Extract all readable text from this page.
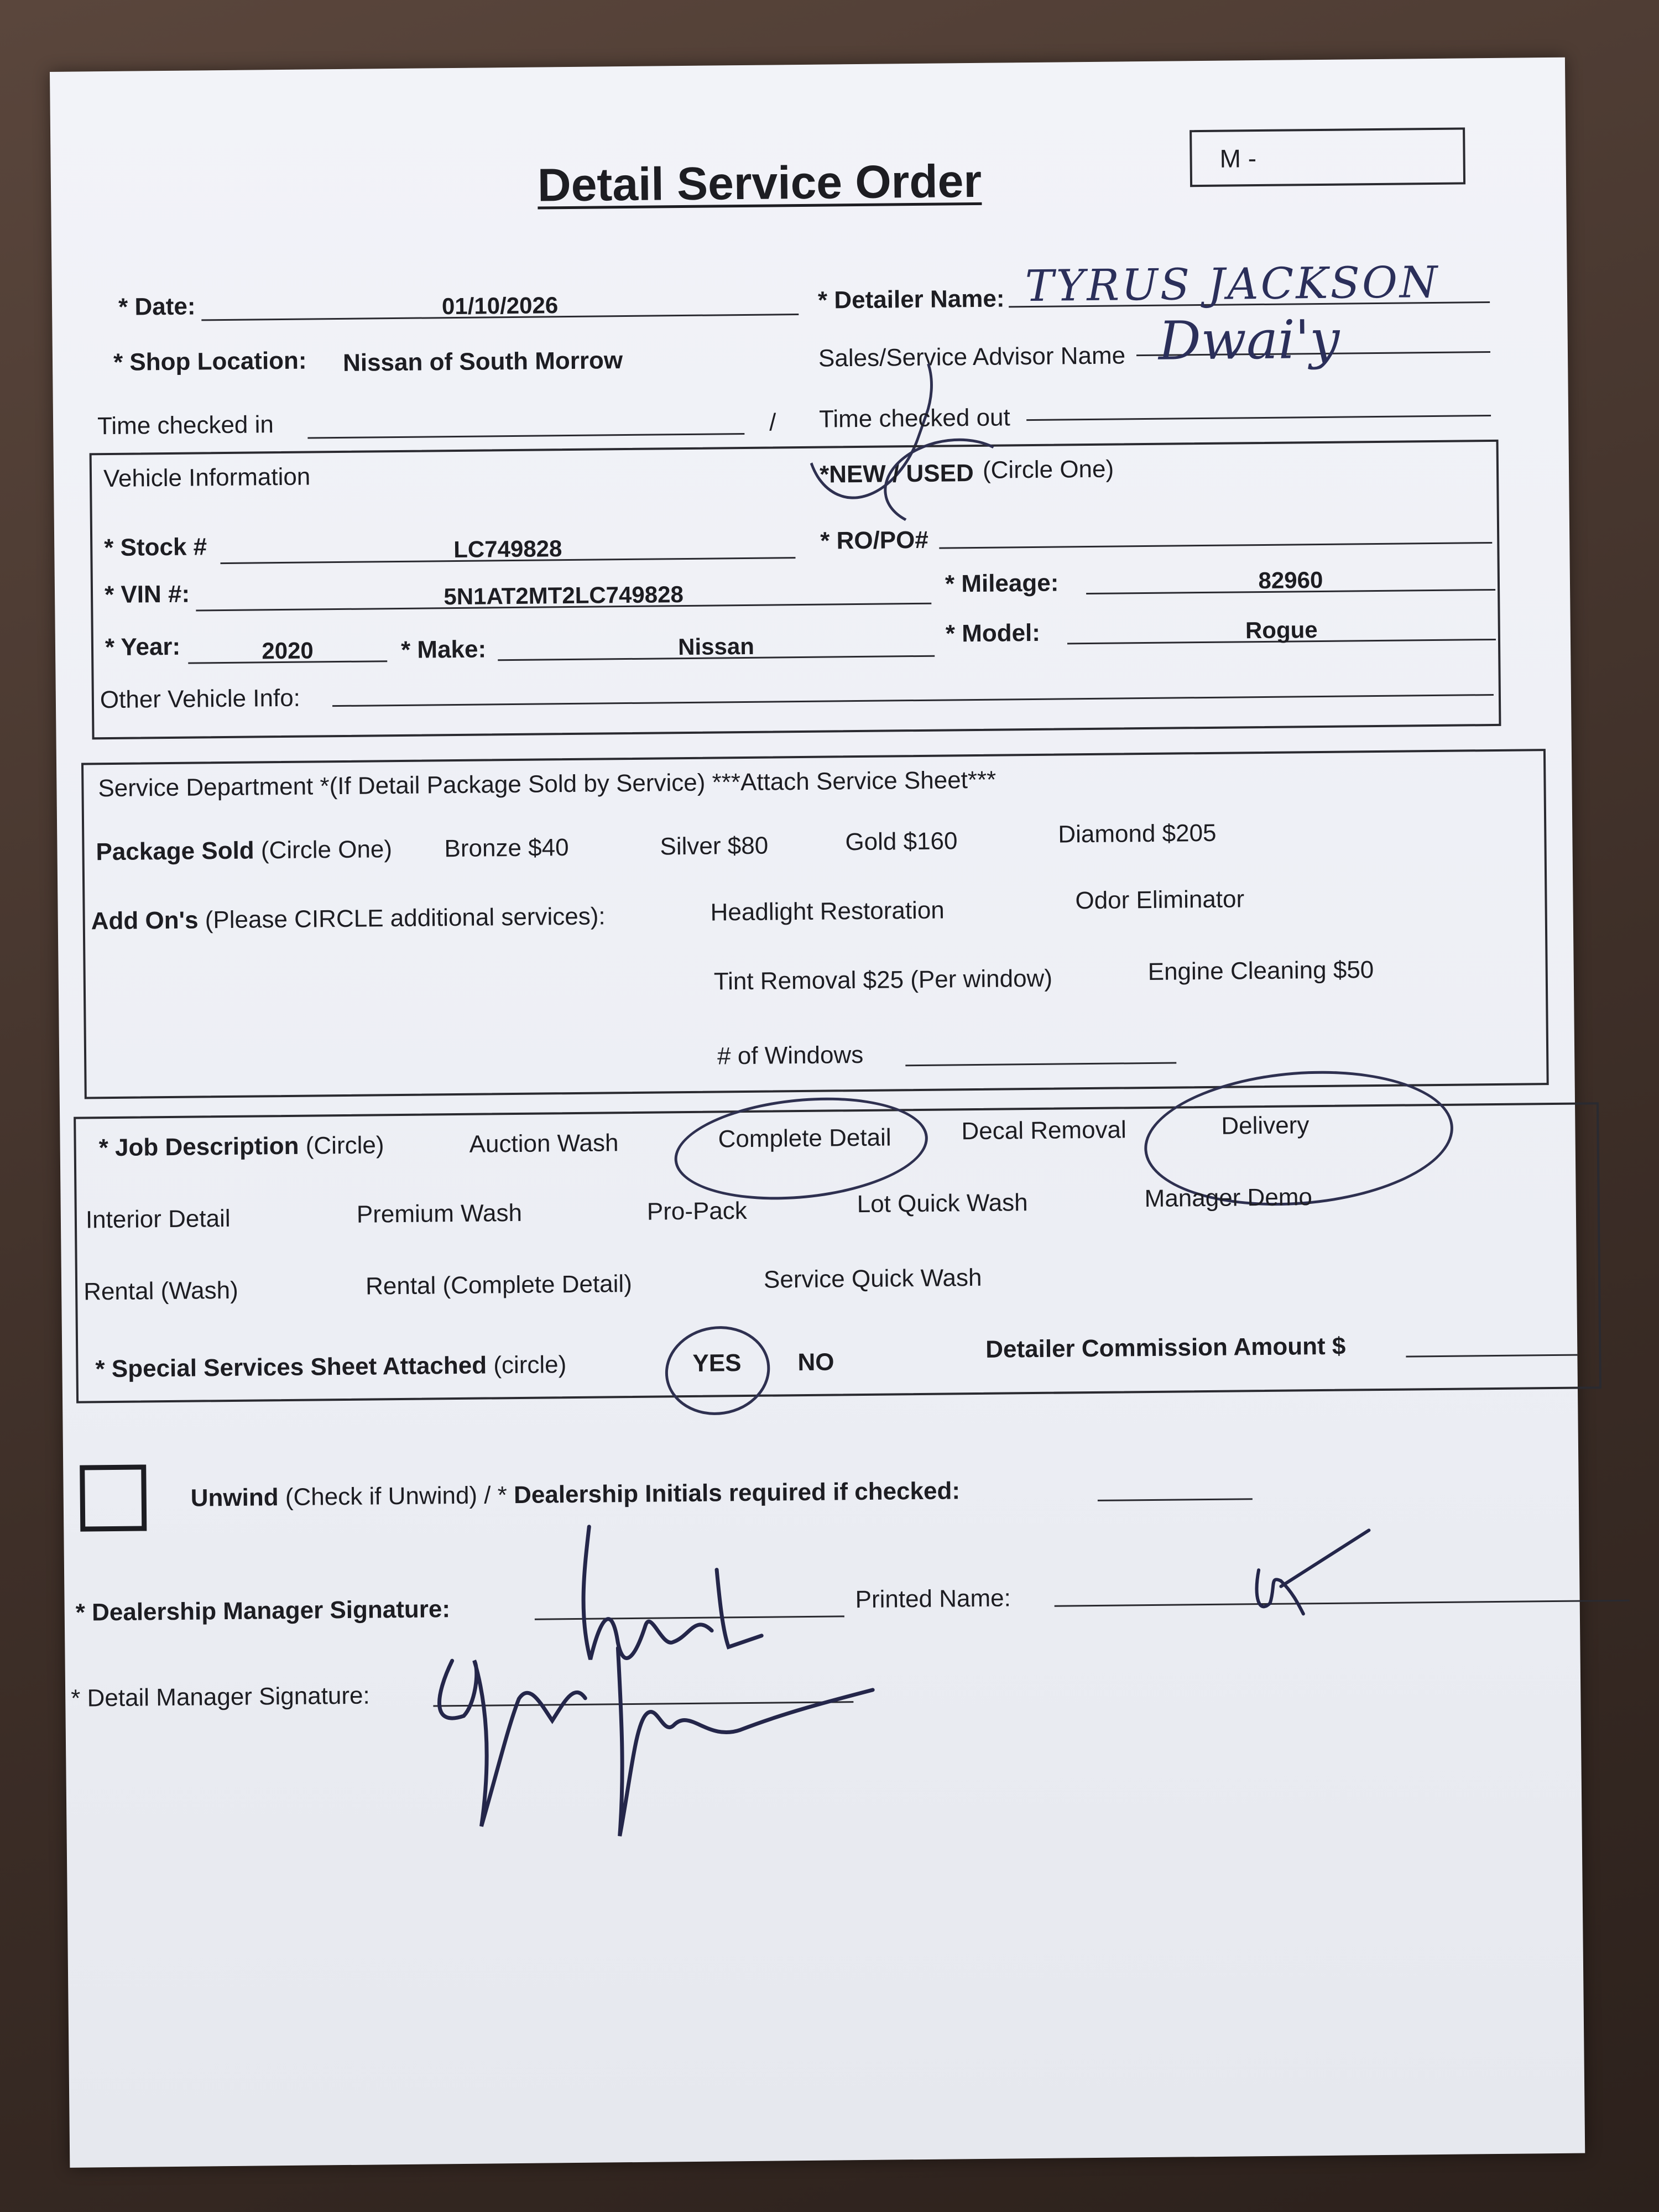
Detail Service Order	M -
* Date:	01/10/2026	* Detailer Name: TYRUS JACKSON
* Shop Location: Nissan of South Morrow	Sales/Service Advisor Name Dwai'y
Time checked in	/ Time checked out
Vehicle Information	*NEW / USED (Circle One)
* Stock #	LC749828	* RO/PO#
* VIN #:	5N1AT2MT2LC749828	* Mileage:	82960
* Year:	2020	* Make:	Nissan	* Model:	Rogue
Other Vehicle Info:
Service Department *(If Detail Package Sold by Service) ***Attach Service Sheet***
Package Sold (Circle One) Bronze $40	Silver $80	Gold $160	Diamond $205
Add On's (Please CIRCLE additional services):	Headlight Restoration	Odor Eliminator
Tint Removal $25 (Per window)	Engine Cleaning $50
# of Windows
* Job Description (Circle)	Auction Wash	Complete Detail	Decal Removal	Delivery
Interior Detail	Premium Wash	Pro-Pack	Lot Quick Wash	Manager Demo
Rental (Wash)	Rental (Complete Detail)	Service Quick Wash
* Special Services Sheet Attached (circle)	YES NO	Detailer Commission Amount $
Unwind (Check if Unwind) / * Dealership Initials required if checked:
* Dealership Manager Signature:	Printed Name:
* Detail Manager Signature:
